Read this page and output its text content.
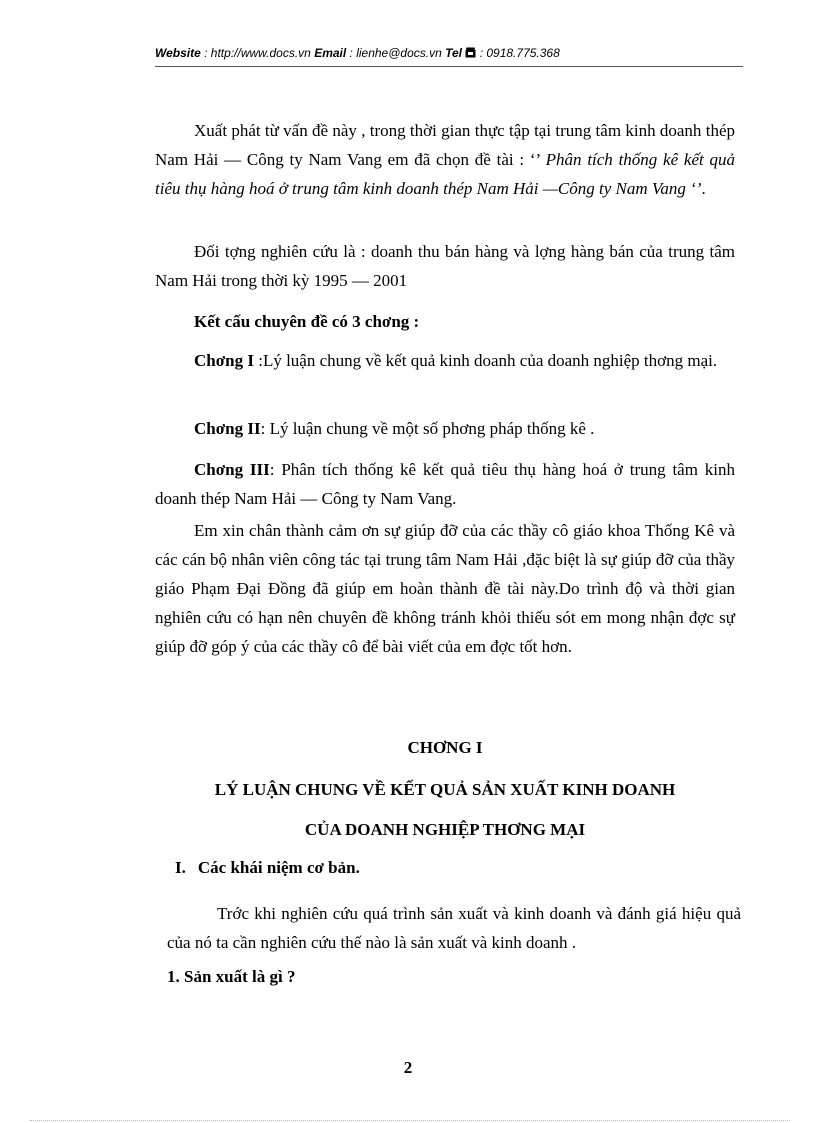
Website : http://www.docs.vn Email : lienhe@docs.vn Tel  : 0918.775.368

Xuất phát từ vấn đề này , trong thời gian thực tập tại trung tâm kinh doanh thép Nam Hải — Công ty Nam Vang em đã chọn đề tài : ‘’ Phân tích thống kê kết quả tiêu thụ hàng hoá ở trung tâm kinh doanh thép Nam Hải —Công ty Nam Vang ‘’.

Đối tợng nghiên cứu là : doanh thu bán hàng và lợng hàng bán của trung tâm Nam Hải trong thời kỳ 1995 — 2001

Kết cấu chuyên đề có 3 chơng :

Chơng I :Lý luận chung về kết quả kinh doanh của doanh nghiệp thơng mại.

Chơng II: Lý luận chung về một số phơng pháp thống kê .

Chơng III: Phân tích thống kê kết quả tiêu thụ hàng hoá ở trung tâm kinh doanh thép Nam Hải — Công ty Nam Vang.

Em xin chân thành cảm ơn sự giúp đỡ của các thầy cô giáo khoa Thống Kê và các cán bộ nhân viên công tác tại trung tâm Nam Hải ,đặc biệt là sự giúp đỡ của thầy giáo Phạm Đại Đồng đã giúp em hoàn thành đề tài này.Do trình độ và thời gian nghiên cứu có hạn nên chuyên đề không tránh khỏi thiếu sót em mong nhận đợc sự giúp đỡ góp ý của các thầy cô để bài viết của em đợc tốt hơn.

CHƠNG I

LÝ LUẬN CHUNG VỀ KẾT QUẢ SẢN XUẤT KINH DOANH

CỦA DOANH NGHIỆP THƠNG MẠI

I. Các khái niệm cơ bản.

Trớc khi nghiên cứu quá trình sản xuất và kinh doanh và đánh giá hiệu quả của nó ta cần nghiên cứu thế nào là sản xuất và kinh doanh .

1. Sản xuất là gì ?

2
